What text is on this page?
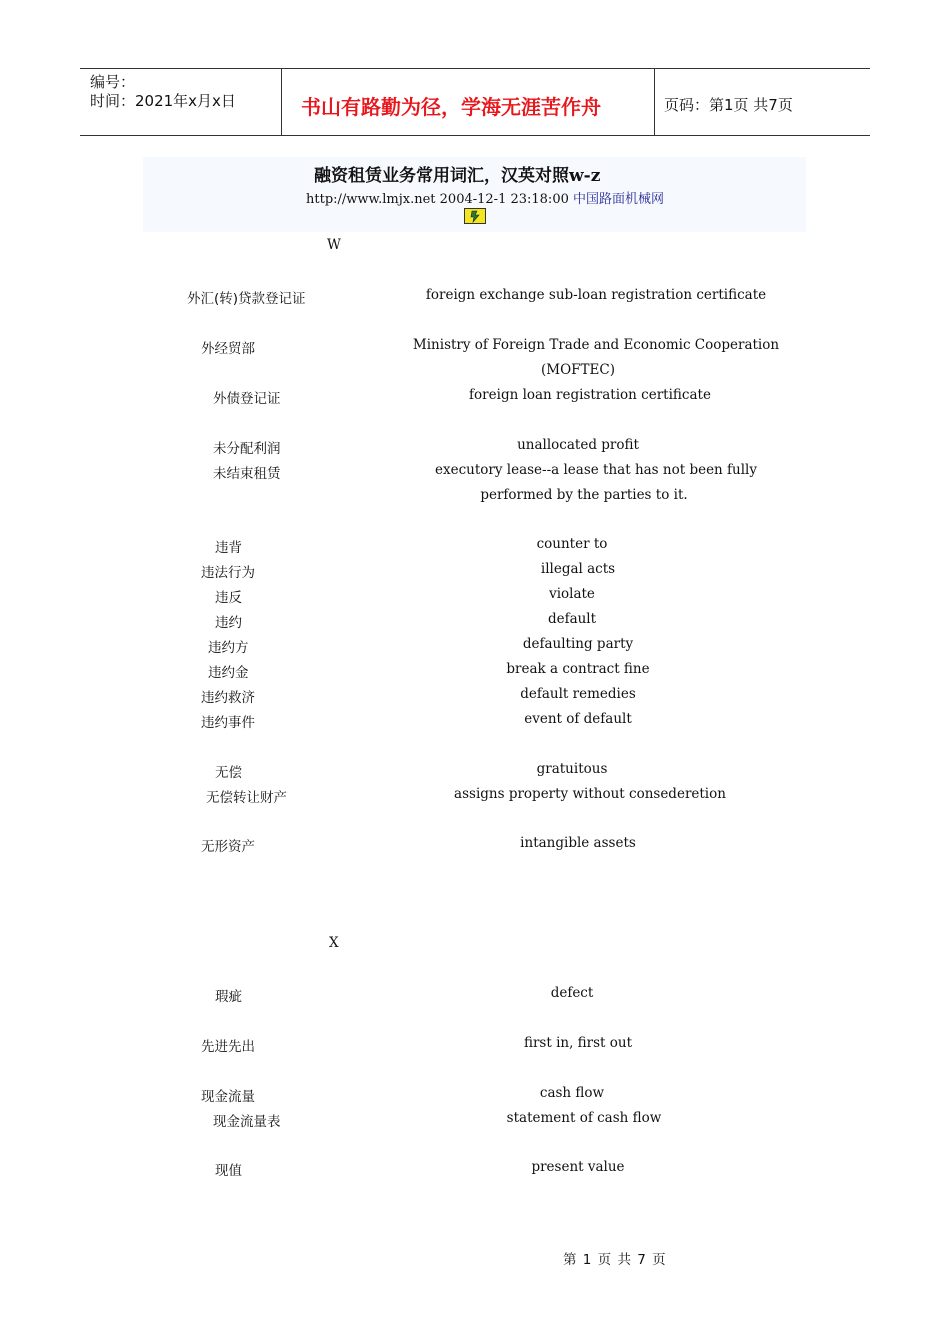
编号：
时间：2021年x月x日	书山有路勤为径，学海无涯苦作舟	页码：第1页 共7页
融资租赁业务常用词汇，汉英对照w-z
http://www.lmjx.net 2004-12-1 23:18:00 中国路面机械网
W
外汇(转)贷款登记证	foreign exchange sub-loan registration certificate
外经贸部	Ministry of Foreign Trade and Economic Cooperation
(MOFTEC)
外债登记证	foreign loan registration certificate
未分配利润	unallocated profit
未结束租赁	executory lease--a lease that has not been fully
performed by the parties to it.
违背	counter to
违法行为	illegal acts
违反	violate
违约	default
违约方	defaulting party
违约金	break a contract fine
违约救济	default remedies
违约事件	event of default
无偿	gratuitous
无偿转让财产	assigns property without consederetion
无形资产	intangible assets
X
瑕疵	defect
先进先出	first in, first out
现金流量	cash flow
现金流量表	statement of cash flow
现值	present value
第 1 页 共 7 页
